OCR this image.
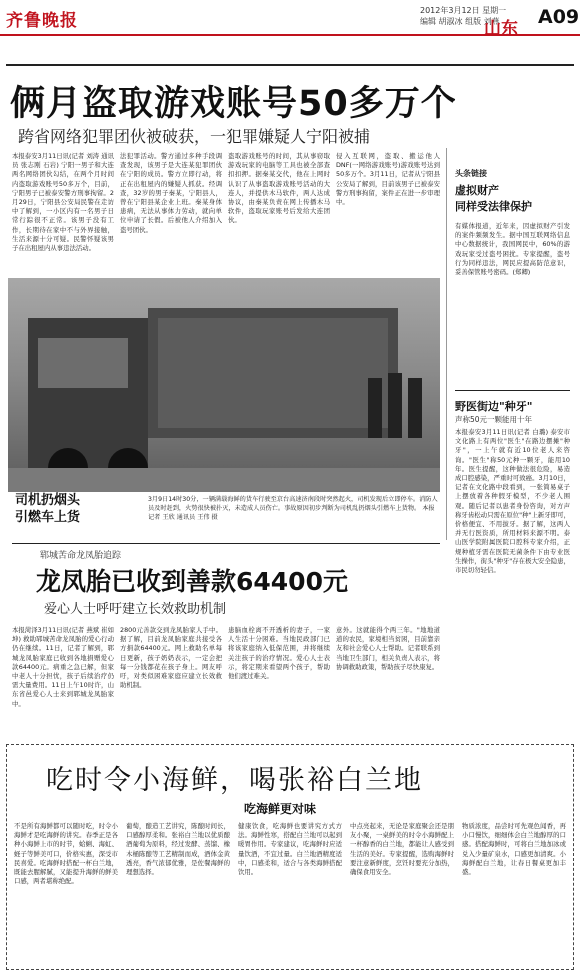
齐鲁晚报
2012年3月12日 星期一
编辑 胡淑冰 组版 刘燕
山东
A09
俩月盗取游戏账号50多万个
跨省网络犯罪团伙被破获，一犯罪嫌疑人宁阳被捕
本报泰安3月11日讯(记者 刘涛 通讯员 张志刚 石岩) 宁阳一男子和大连两名网络团伙勾结，在两个月时间内盗取游戏账号50多万个，目前，宁阳男子已被泰安警方刑事拘留。2月29日，宁阳县公安局民警在走访中了解到，一小区内有一名男子日常行踪很不正常。该男子没有工作，长期待在家中不与外界接触，生活来源十分可疑。民警怀疑该男子在出租屋内从事违法活动。
法犯罪活动。警方通过多种手段调查发现，该男子是大连某犯罪团伙在宁阳的成员。警方立即行动，将正在出租屋内的嫌疑人抓获。经调查，32岁的男子秦某，宁阳县人，曾在宁阳县某企业上班。秦某身体患病，无法从事体力劳动，就向单位申请了长假。后被他人介绍加入盗号团伙。
盗取游戏账号的时间，其从事窃取游戏玩家的电脑等工具也被全部查扣扣押。据秦某交代，他在上网时认识了从事盗取游戏账号活动的大连人，并提供木马软件，两人达成协议，由秦某负责在网上传播木马软件，盗取玩家账号后发给大连团伙。
侵入互联网，盗取、搬运他人DNF(一网络游戏账号)游戏账号达到50多万个。3月11日，记者从宁阳县公安局了解到，目前该男子已被泰安警方刑事拘留，案件正在进一步审理中。
头条链接
虚拟财产
同样受法律保护
有媒体报道，近年来，因虚拟财产引发的案件频频发生。据中国互联网络信息中心数据统计，我国网民中，60%的游戏玩家受过盗号困扰。专家提醒，盗号行为同样违法，网民应提高防范意识，妥善保管账号密码。(郑卿)
司机扔烟头
引燃车上货
3月9日14时30分，一辆满载海鲜的货车行驶至京台高速济南段时突然起火，司机发现后立即停车。消防人员及时赶到，火势很快被扑灭，未造成人员伤亡。事故原因初步判断为司机乱扔烟头引燃车上货物。 本报记者 王欣 通讯员 王伟 摄
野医街边"种牙"
声称50元一颗能用十年
本报泰安3月11日讯(记者 白璐) 泰安市文化路上有两位"医生"在路边摆摊"种牙"，一上午就有近10位老人来咨询。"医生"称50元种一颗牙，能用10年。医生提醒，这种做法很危险，易造成口腔感染，严重时可致癌。3月10日，记者在文化路中段看到，一张简易桌子上摆放着各种假牙模型，不少老人围观。随后记者以患者身份咨询，对方声称牙齿松动只需在原位"种"上新牙即可，价格便宜、不用拔牙。据了解，这两人并无行医资质，所用材料来源不明。泰山医学院附属医院口腔科专家介绍，正规种植牙需在医院无菌条件下由专业医生操作，街头"种牙"存在极大安全隐患，市民切勿轻信。
郓城苦命龙凤胎追踪
龙凤胎已收到善款64400元
爱心人士呼吁建立长效救助机制
本报菏泽3月11日讯(记者 燕斌 崔如坤) 救助郓城苦命龙凤胎的爱心行动仍在继续。11日，记者了解到，郓城龙凤胎家庭已收到各地捐赠爱心款64400元。病重之急已解，但家中老人十分担忧，孩子后续治疗仍需大量费用。11日上午10时许，山东省邑爱心人士来到郓城龙凤胎家中。
2800元善款交到龙凤胎家人手中。据了解，目前龙凤胎家庭共接受各方捐款64400元。网上救助名单每日更新，孩子奶奶表示，一定会把每一分钱都花在孩子身上。网友呼吁，对类似困难家庭应建立长效救助机制。
患脑血栓离不开透析的妻子，一家人生活十分困难。当地民政部门已将该家庭纳入低保范围，并将继续关注孩子的治疗情况。爱心人士表示，将定期来看望两个孩子，帮助他们渡过难关。
意外。这就能得个两三年。"地地道道的农民，家境相当贫困，目前靠亲友和社会爱心人士帮助。记者联系到当地卫生部门，相关负责人表示，将协调救助政策，帮助孩子尽快康复。
吃时令小海鲜，喝张裕白兰地
吃海鲜更对味
不是所有海鲜都可以随时吃，时令小海鲜才是吃海鲜的讲究。春季正是各种小海鲜上市的时节，蛤蜊、海虹、蛏子等鲜美可口，价格实惠，深受市民喜爱。吃海鲜时搭配一杯白兰地，既能去腥解腻，又能提升海鲜的鲜美口感，两者堪称绝配。
葡萄，酿造工艺讲究，陈酿时间长，口感醇厚柔和。张裕白兰地以优质酿酒葡萄为原料，经过发酵、蒸馏、橡木桶陈酿等工艺精制而成，酒体金黄透亮，香气浓郁优雅，是佐餐海鲜的理想选择。
健康饮食，吃海鲜也要讲究方式方法。海鲜性寒，搭配白兰地可以起到暖胃作用。专家建议，吃海鲜时应适量饮酒，不宜过量。白兰地酒精度适中，口感柔和，适合与各类海鲜搭配饮用。
中点亮起来，无论是家庭聚会还是朋友小聚，一桌鲜美的时令小海鲜配上一杯醇香的白兰地，都能让人感受到生活的美好。专家提醒，选购海鲜时要注意新鲜度，烹饪时要充分加热，确保食用安全。
物质浓度，品尝时可先观色闻香，再小口慢饮，细细体会白兰地醇厚的口感。搭配海鲜时，可将白兰地加冰或兑入少量矿泉水，口感更加清爽。小海鲜配白兰地，让春日餐桌更加丰盛。
